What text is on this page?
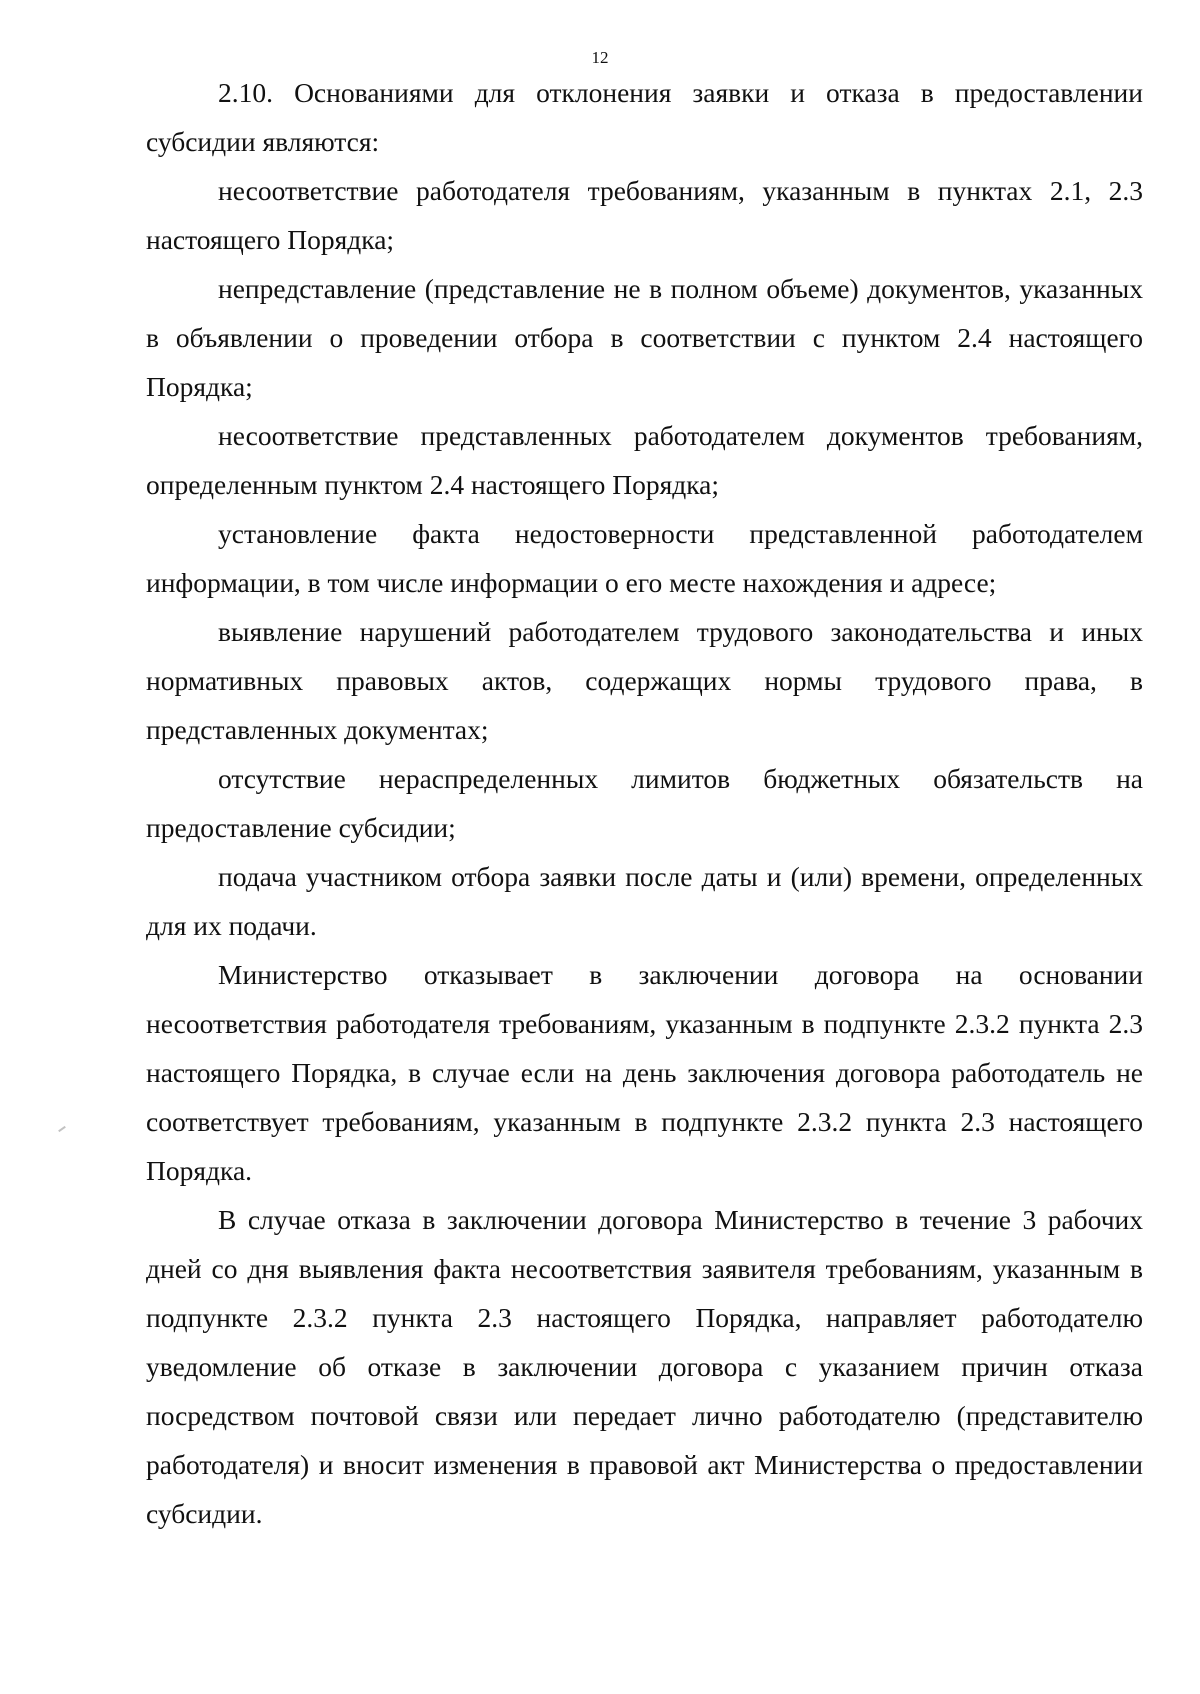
12

2.10. Основаниями для отклонения заявки и отказа в предоставлении субсидии являются:

несоответствие работодателя требованиям, указанным в пунктах 2.1, 2.3 настоящего Порядка;

непредставление (представление не в полном объеме) документов, указанных в объявлении о проведении отбора в соответствии с пунктом 2.4 настоящего Порядка;

несоответствие представленных работодателем документов требованиям, определенным пунктом 2.4 настоящего Порядка;

установление факта недостоверности представленной работодателем информации, в том числе информации о его месте нахождения и адресе;

выявление нарушений работодателем трудового законодательства и иных нормативных правовых актов, содержащих нормы трудового права, в представленных документах;

отсутствие нераспределенных лимитов бюджетных обязательств на предоставление субсидии;

подача участником отбора заявки после даты и (или) времени, определенных для их подачи.

Министерство отказывает в заключении договора на основании несоответствия работодателя требованиям, указанным в подпункте 2.3.2 пункта 2.3 настоящего Порядка, в случае если на день заключения договора работодатель не соответствует требованиям, указанным в подпункте 2.3.2 пункта 2.3 настоящего Порядка.

В случае отказа в заключении договора Министерство в течение 3 рабочих дней со дня выявления факта несоответствия заявителя требованиям, указанным в подпункте 2.3.2 пункта 2.3 настоящего Порядка, направляет работодателю уведомление об отказе в заключении договора с указанием причин отказа посредством почтовой связи или передает лично работодателю (представителю работодателя) и вносит изменения в правовой акт Министерства о предоставлении субсидии.
